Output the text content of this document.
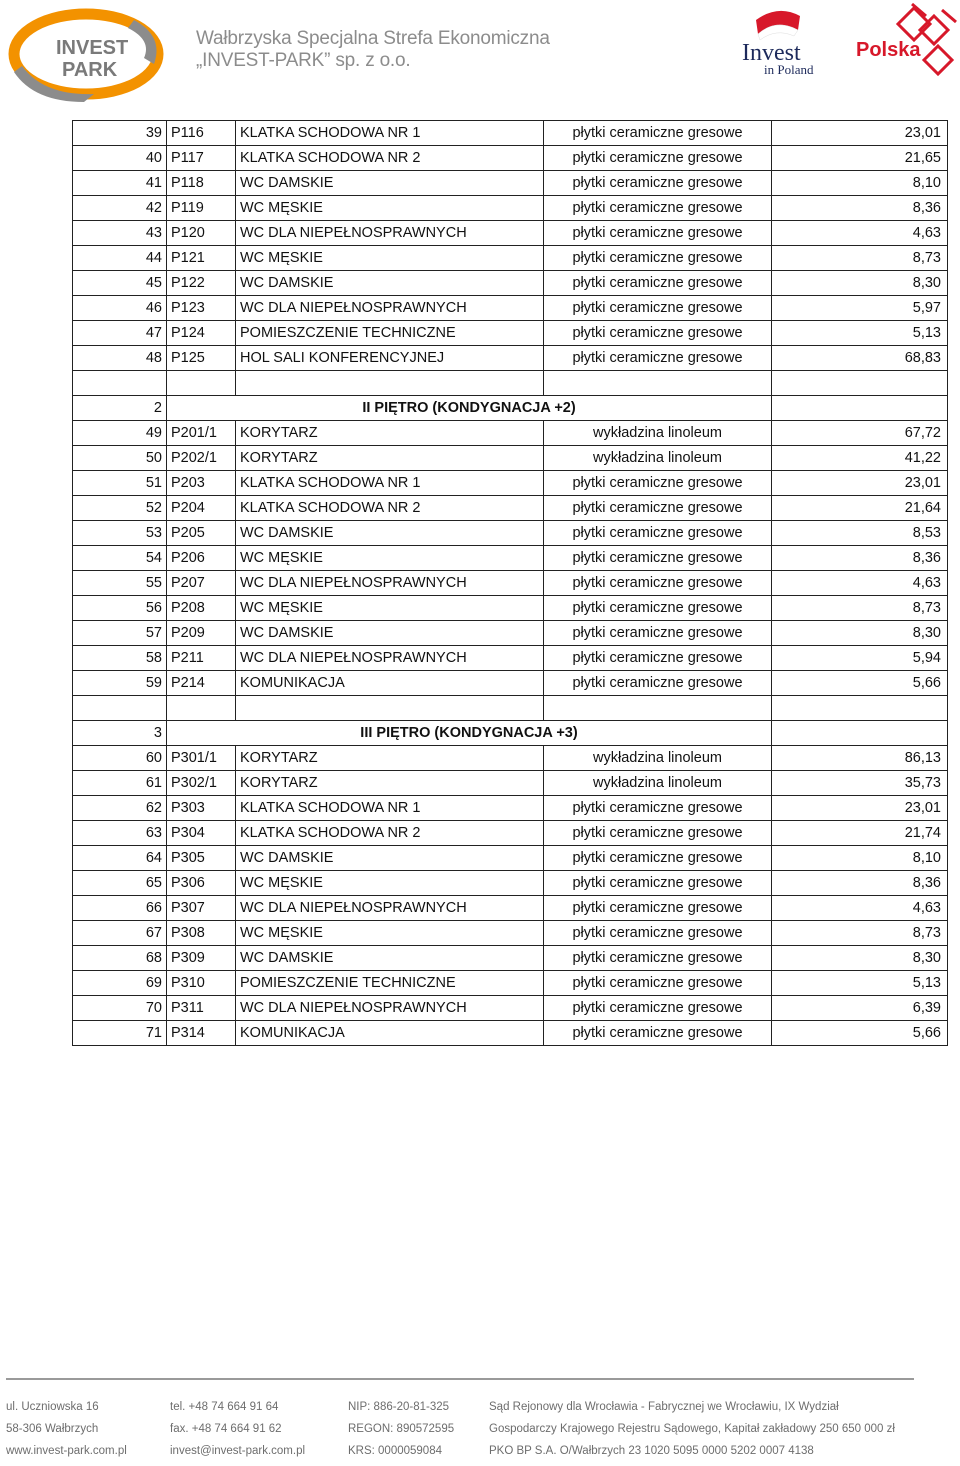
INVEST
PARK
Wałbrzyska Specjalna Strefa Ekonomiczna
„INVEST-PARK” sp. z o.o.	Invest
in Poland
Polska
39	P116	KLATKA SCHODOWA NR 1	płytki ceramiczne gresowe	23,01
40	P117	KLATKA SCHODOWA NR 2	płytki ceramiczne gresowe	21,65
41	P118	WC DAMSKIE	płytki ceramiczne gresowe	8,10
42	P119	WC MĘSKIE	płytki ceramiczne gresowe	8,36
43	P120	WC DLA NIEPEŁNOSPRAWNYCH	płytki ceramiczne gresowe	4,63
44	P121	WC MĘSKIE	płytki ceramiczne gresowe	8,73
45	P122	WC DAMSKIE	płytki ceramiczne gresowe	8,30
46	P123	WC DLA NIEPEŁNOSPRAWNYCH	płytki ceramiczne gresowe	5,97
47	P124	POMIESZCZENIE TECHNICZNE	płytki ceramiczne gresowe	5,13
48	P125	HOL SALI KONFERENCYJNEJ	płytki ceramiczne gresowe	68,83

2	II PIĘTRO (KONDYGNACJA +2)			
49	P201/1	KORYTARZ	wykładzina linoleum	67,72
50	P202/1	KORYTARZ	wykładzina linoleum	41,22
51	P203	KLATKA SCHODOWA NR 1	płytki ceramiczne gresowe	23,01
52	P204	KLATKA SCHODOWA NR 2	płytki ceramiczne gresowe	21,64
53	P205	WC DAMSKIE	płytki ceramiczne gresowe	8,53
54	P206	WC MĘSKIE	płytki ceramiczne gresowe	8,36
55	P207	WC DLA NIEPEŁNOSPRAWNYCH	płytki ceramiczne gresowe	4,63
56	P208	WC MĘSKIE	płytki ceramiczne gresowe	8,73
57	P209	WC DAMSKIE	płytki ceramiczne gresowe	8,30
58	P211	WC DLA NIEPEŁNOSPRAWNYCH	płytki ceramiczne gresowe	5,94
59	P214	KOMUNIKACJA	płytki ceramiczne gresowe	5,66

3	III PIĘTRO (KONDYGNACJA +3)			
60	P301/1	KORYTARZ	wykładzina linoleum	86,13
61	P302/1	KORYTARZ	wykładzina linoleum	35,73
62	P303	KLATKA SCHODOWA NR 1	płytki ceramiczne gresowe	23,01
63	P304	KLATKA SCHODOWA NR 2	płytki ceramiczne gresowe	21,74
64	P305	WC DAMSKIE	płytki ceramiczne gresowe	8,10
65	P306	WC MĘSKIE	płytki ceramiczne gresowe	8,36
66	P307	WC DLA NIEPEŁNOSPRAWNYCH	płytki ceramiczne gresowe	4,63
67	P308	WC MĘSKIE	płytki ceramiczne gresowe	8,73
68	P309	WC DAMSKIE	płytki ceramiczne gresowe	8,30
69	P310	POMIESZCZENIE TECHNICZNE	płytki ceramiczne gresowe	5,13
70	P311	WC DLA NIEPEŁNOSPRAWNYCH	płytki ceramiczne gresowe	6,39
71	P314	KOMUNIKACJA	płytki ceramiczne gresowe	5,66
ul. Uczniowska 16
58-306 Wałbrzych
www.invest-park.com.pl
tel. +48 74 664 91 64
fax. +48 74 664 91 62
invest@invest-park.com.pl
NIP: 886-20-81-325
REGON: 890572595
KRS: 0000059084
Sąd Rejonowy dla Wrocławia - Fabrycznej we Wrocławiu, IX Wydział
Gospodarczy Krajowego Rejestru Sądowego, Kapitał zakładowy 250 650 000 zł
PKO BP S.A. O/Wałbrzych 23 1020 5095 0000 5202 0007 4138
